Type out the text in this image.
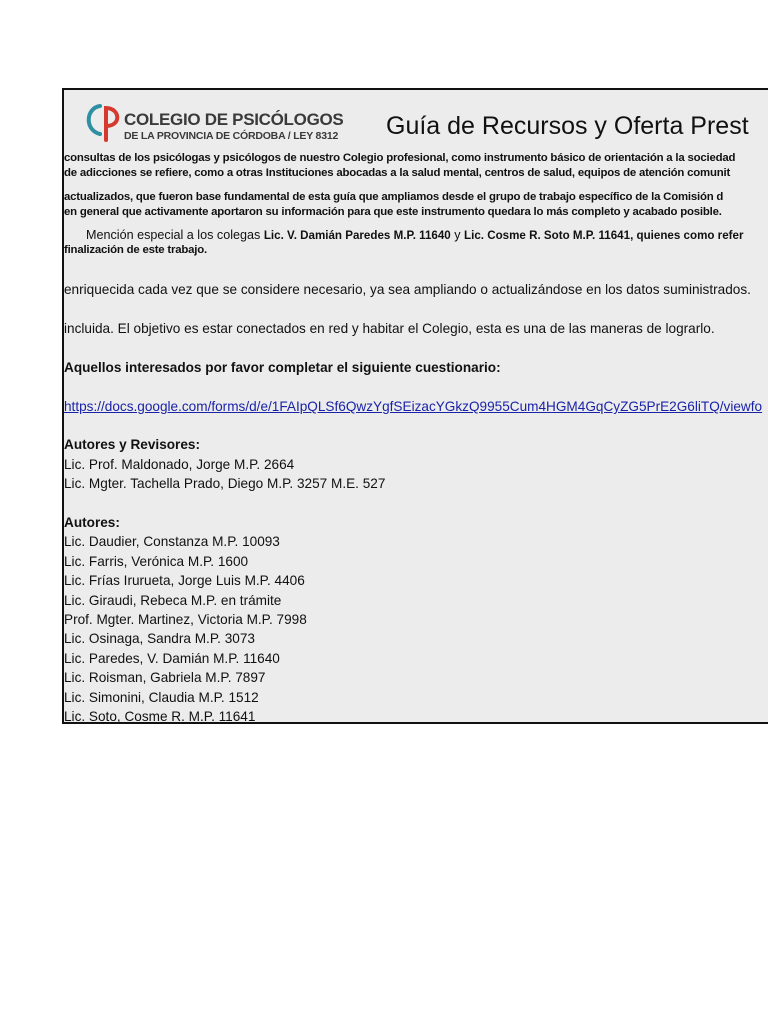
COLEGIO DE PSICÓLOGOS
DE LA PROVINCIA DE CÓRDOBA / LEY 8312 Guía de Recursos y Oferta Prest
consultas de los psicólogas y psicólogos de nuestro Colegio profesional, como instrumento básico de orientación a la sociedad
de adicciones se refiere, como a otras Instituciones abocadas a la salud mental, centros de salud, equipos de atención comunit
actualizados, que fueron base fundamental de esta guía que ampliamos desde el grupo de trabajo específico de la Comisión d
en general que activamente aportaron su información para que este instrumento quedara lo más completo y acabado posible.
Mención especial a los colegas Lic. V. Damián Paredes M.P. 11640 y Lic. Cosme R. Soto M.P. 11641, quienes como refer
finalización de este trabajo.
enriquecida cada vez que se considere necesario, ya sea ampliando o actualizándose en los datos suministrados.
incluida. El objetivo es estar conectados en red y habitar el Colegio, esta es una de las maneras de lograrlo.
Aquellos interesados por favor completar el siguiente cuestionario:
https://docs.google.com/forms/d/e/1FAIpQLSf6QwzYgfSEizacYGkzQ9955Cum4HGM4GqCyZG5PrE2G6liTQ/viewfo
Autores y Revisores:
Lic. Prof. Maldonado, Jorge M.P. 2664
Lic. Mgter. Tachella Prado, Diego M.P. 3257 M.E. 527
Autores:
Lic. Daudier, Constanza M.P. 10093
Lic. Farris, Verónica M.P. 1600
Lic. Frías Irurueta, Jorge Luis M.P. 4406
Lic. Giraudi, Rebeca M.P. en trámite
Prof. Mgter. Martinez, Victoria M.P. 7998
Lic. Osinaga, Sandra M.P. 3073
Lic. Paredes, V. Damián M.P. 11640
Lic. Roisman, Gabriela M.P. 7897
Lic. Simonini, Claudia M.P. 1512
Lic. Soto, Cosme R. M.P. 11641
